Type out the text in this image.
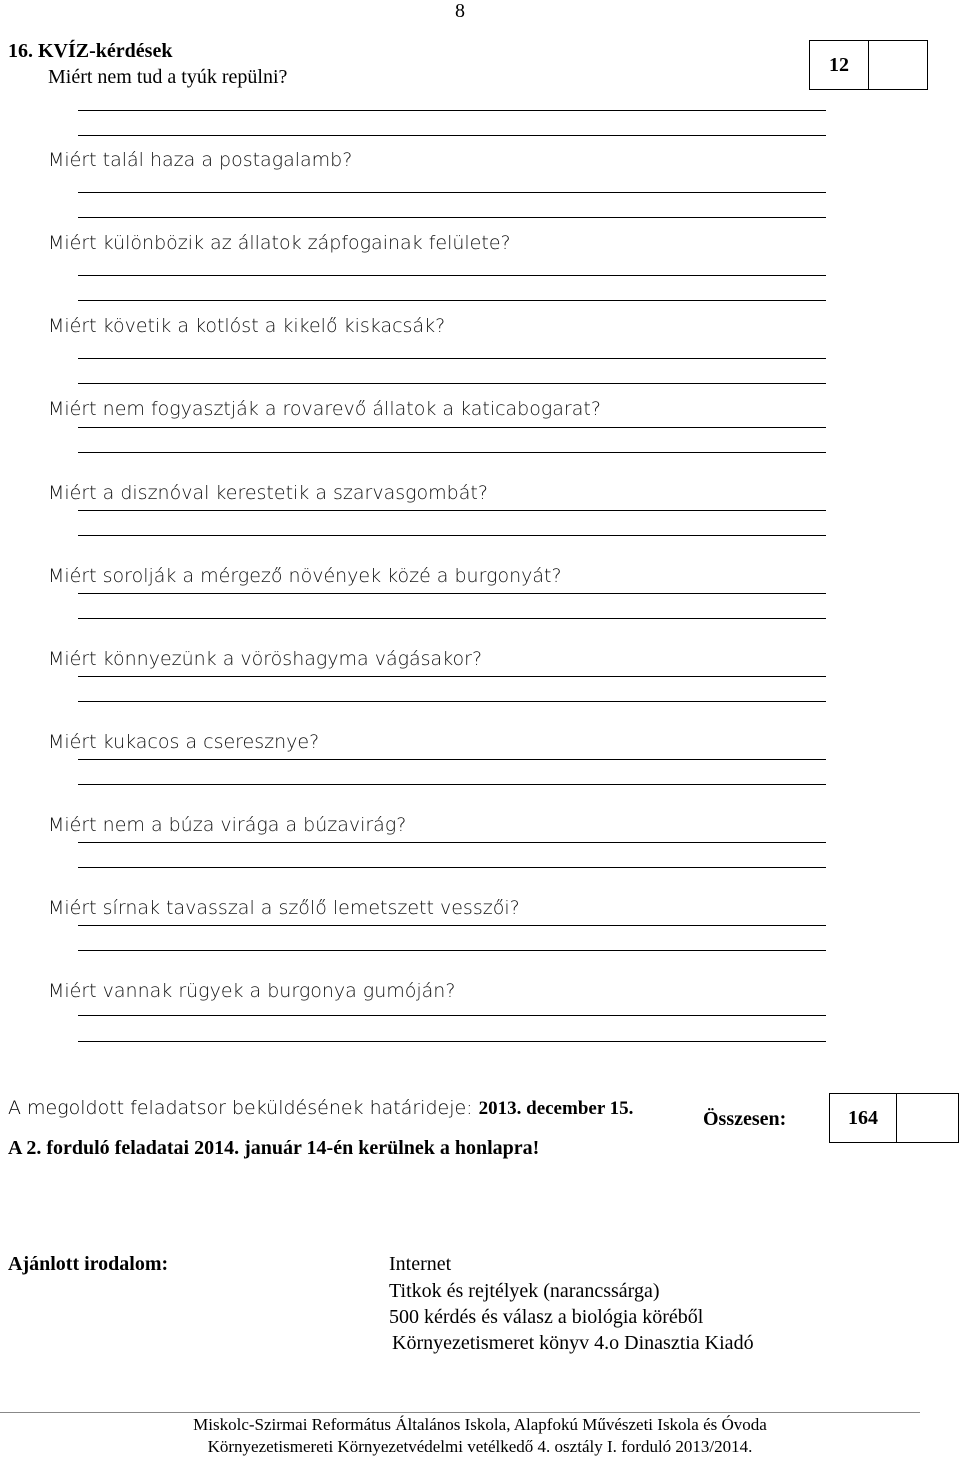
8
16. KVÍZ-kérdések
12
Miért nem tud a tyúk repülni?
Miért talál haza a postagalamb?
Miért különbözik az állatok zápfogainak felülete?
Miért követik a kotlóst a kikelő kiskacsák?
Miért nem fogyasztják a rovarevő állatok a katicabogarat?
Miért a disznóval kerestetik a szarvasgombát?
Miért sorolják a mérgező növények közé a burgonyát?
Miért könnyezünk a vöröshagyma vágásakor?
Miért kukacos a cseresznye?
Miért nem a búza virága a búzavirág?
Miért sírnak tavasszal a szőlő lemetszett vesszői?
Miért vannak rügyek a burgonya gumóján?
A megoldott feladatsor beküldésének határideje: 2013. december 15.
A 2. forduló feladatai 2014. január 14-én kerülnek a honlapra!
Összesen:	164
Ajánlott irodalom:	Internet
Titkok és rejtélyek (narancssárga)
500 kérdés és válasz a biológia köréből
Környezetismeret könyv 4.o Dinasztia Kiadó
Miskolc-Szirmai Református Általános Iskola, Alapfokú Művészeti Iskola és Óvoda
Környezetismereti Környezetvédelmi vetélkedő 4. osztály I. forduló 2013/2014.
